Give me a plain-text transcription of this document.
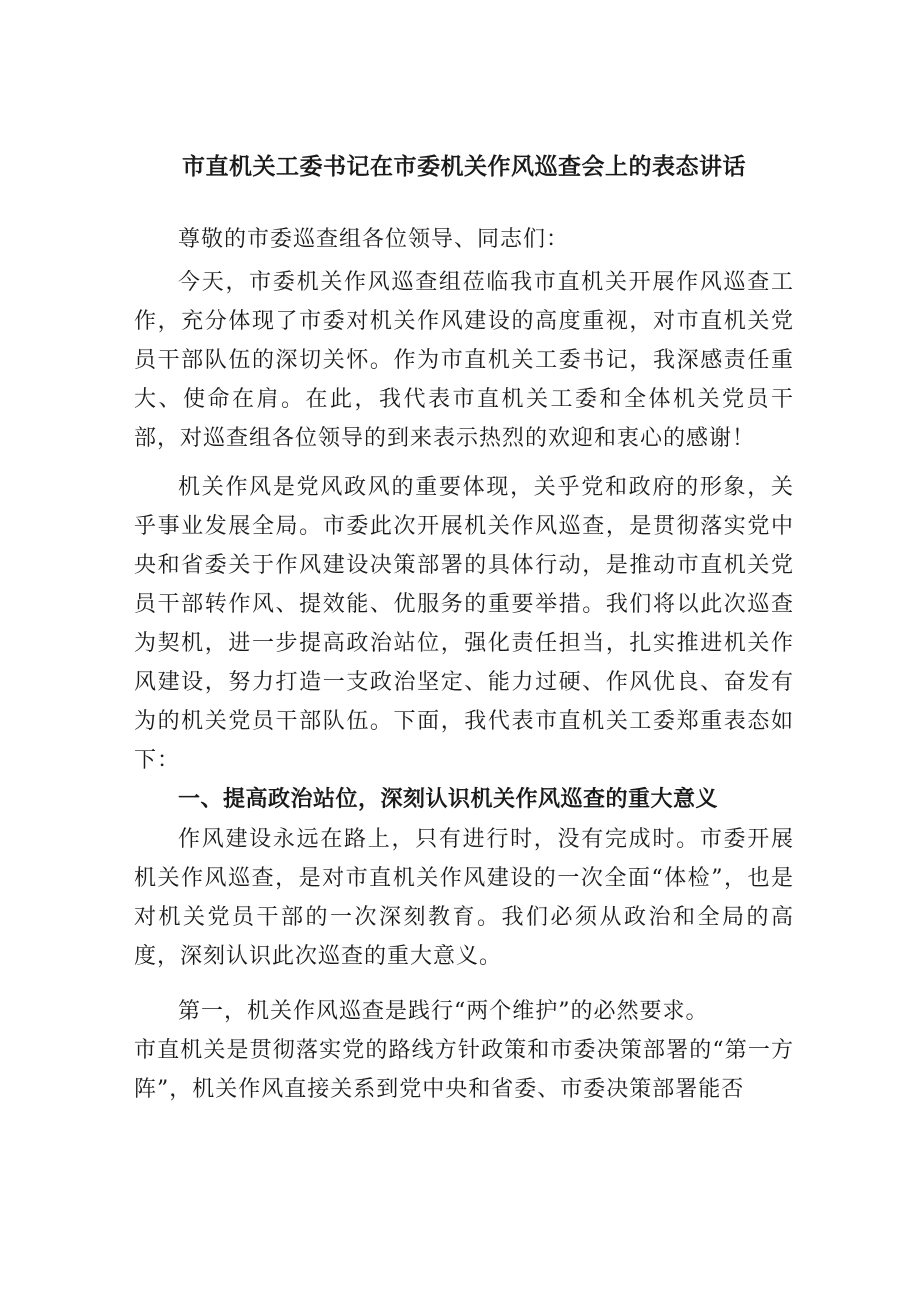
市直机关工委书记在市委机关作风巡查会上的表态讲话

尊敬的市委巡查组各位领导、同志们：

今天，市委机关作风巡查组莅临我市直机关开展作风巡查工作，充分体现了市委对机关作风建设的高度重视，对市直机关党员干部队伍的深切关怀。作为市直机关工委书记，我深感责任重大、使命在肩。在此，我代表市直机关工委和全体机关党员干部，对巡查组各位领导的到来表示热烈的欢迎和衷心的感谢！

机关作风是党风政风的重要体现，关乎党和政府的形象，关乎事业发展全局。市委此次开展机关作风巡查，是贯彻落实党中央和省委关于作风建设决策部署的具体行动，是推动市直机关党员干部转作风、提效能、优服务的重要举措。我们将以此次巡查为契机，进一步提高政治站位，强化责任担当，扎实推进机关作风建设，努力打造一支政治坚定、能力过硬、作风优良、奋发有为的机关党员干部队伍。下面，我代表市直机关工委郑重表态如下：

一、提高政治站位，深刻认识机关作风巡查的重大意义

作风建设永远在路上，只有进行时，没有完成时。市委开展机关作风巡查，是对市直机关作风建设的一次全面“体检”，也是对机关党员干部的一次深刻教育。我们必须从政治和全局的高度，深刻认识此次巡查的重大意义。

第一，机关作风巡查是践行“两个维护”的必然要求。

市直机关是贯彻落实党的路线方针政策和市委决策部署的“第一方阵”，机关作风直接关系到党中央和省委、市委决策部署能否
